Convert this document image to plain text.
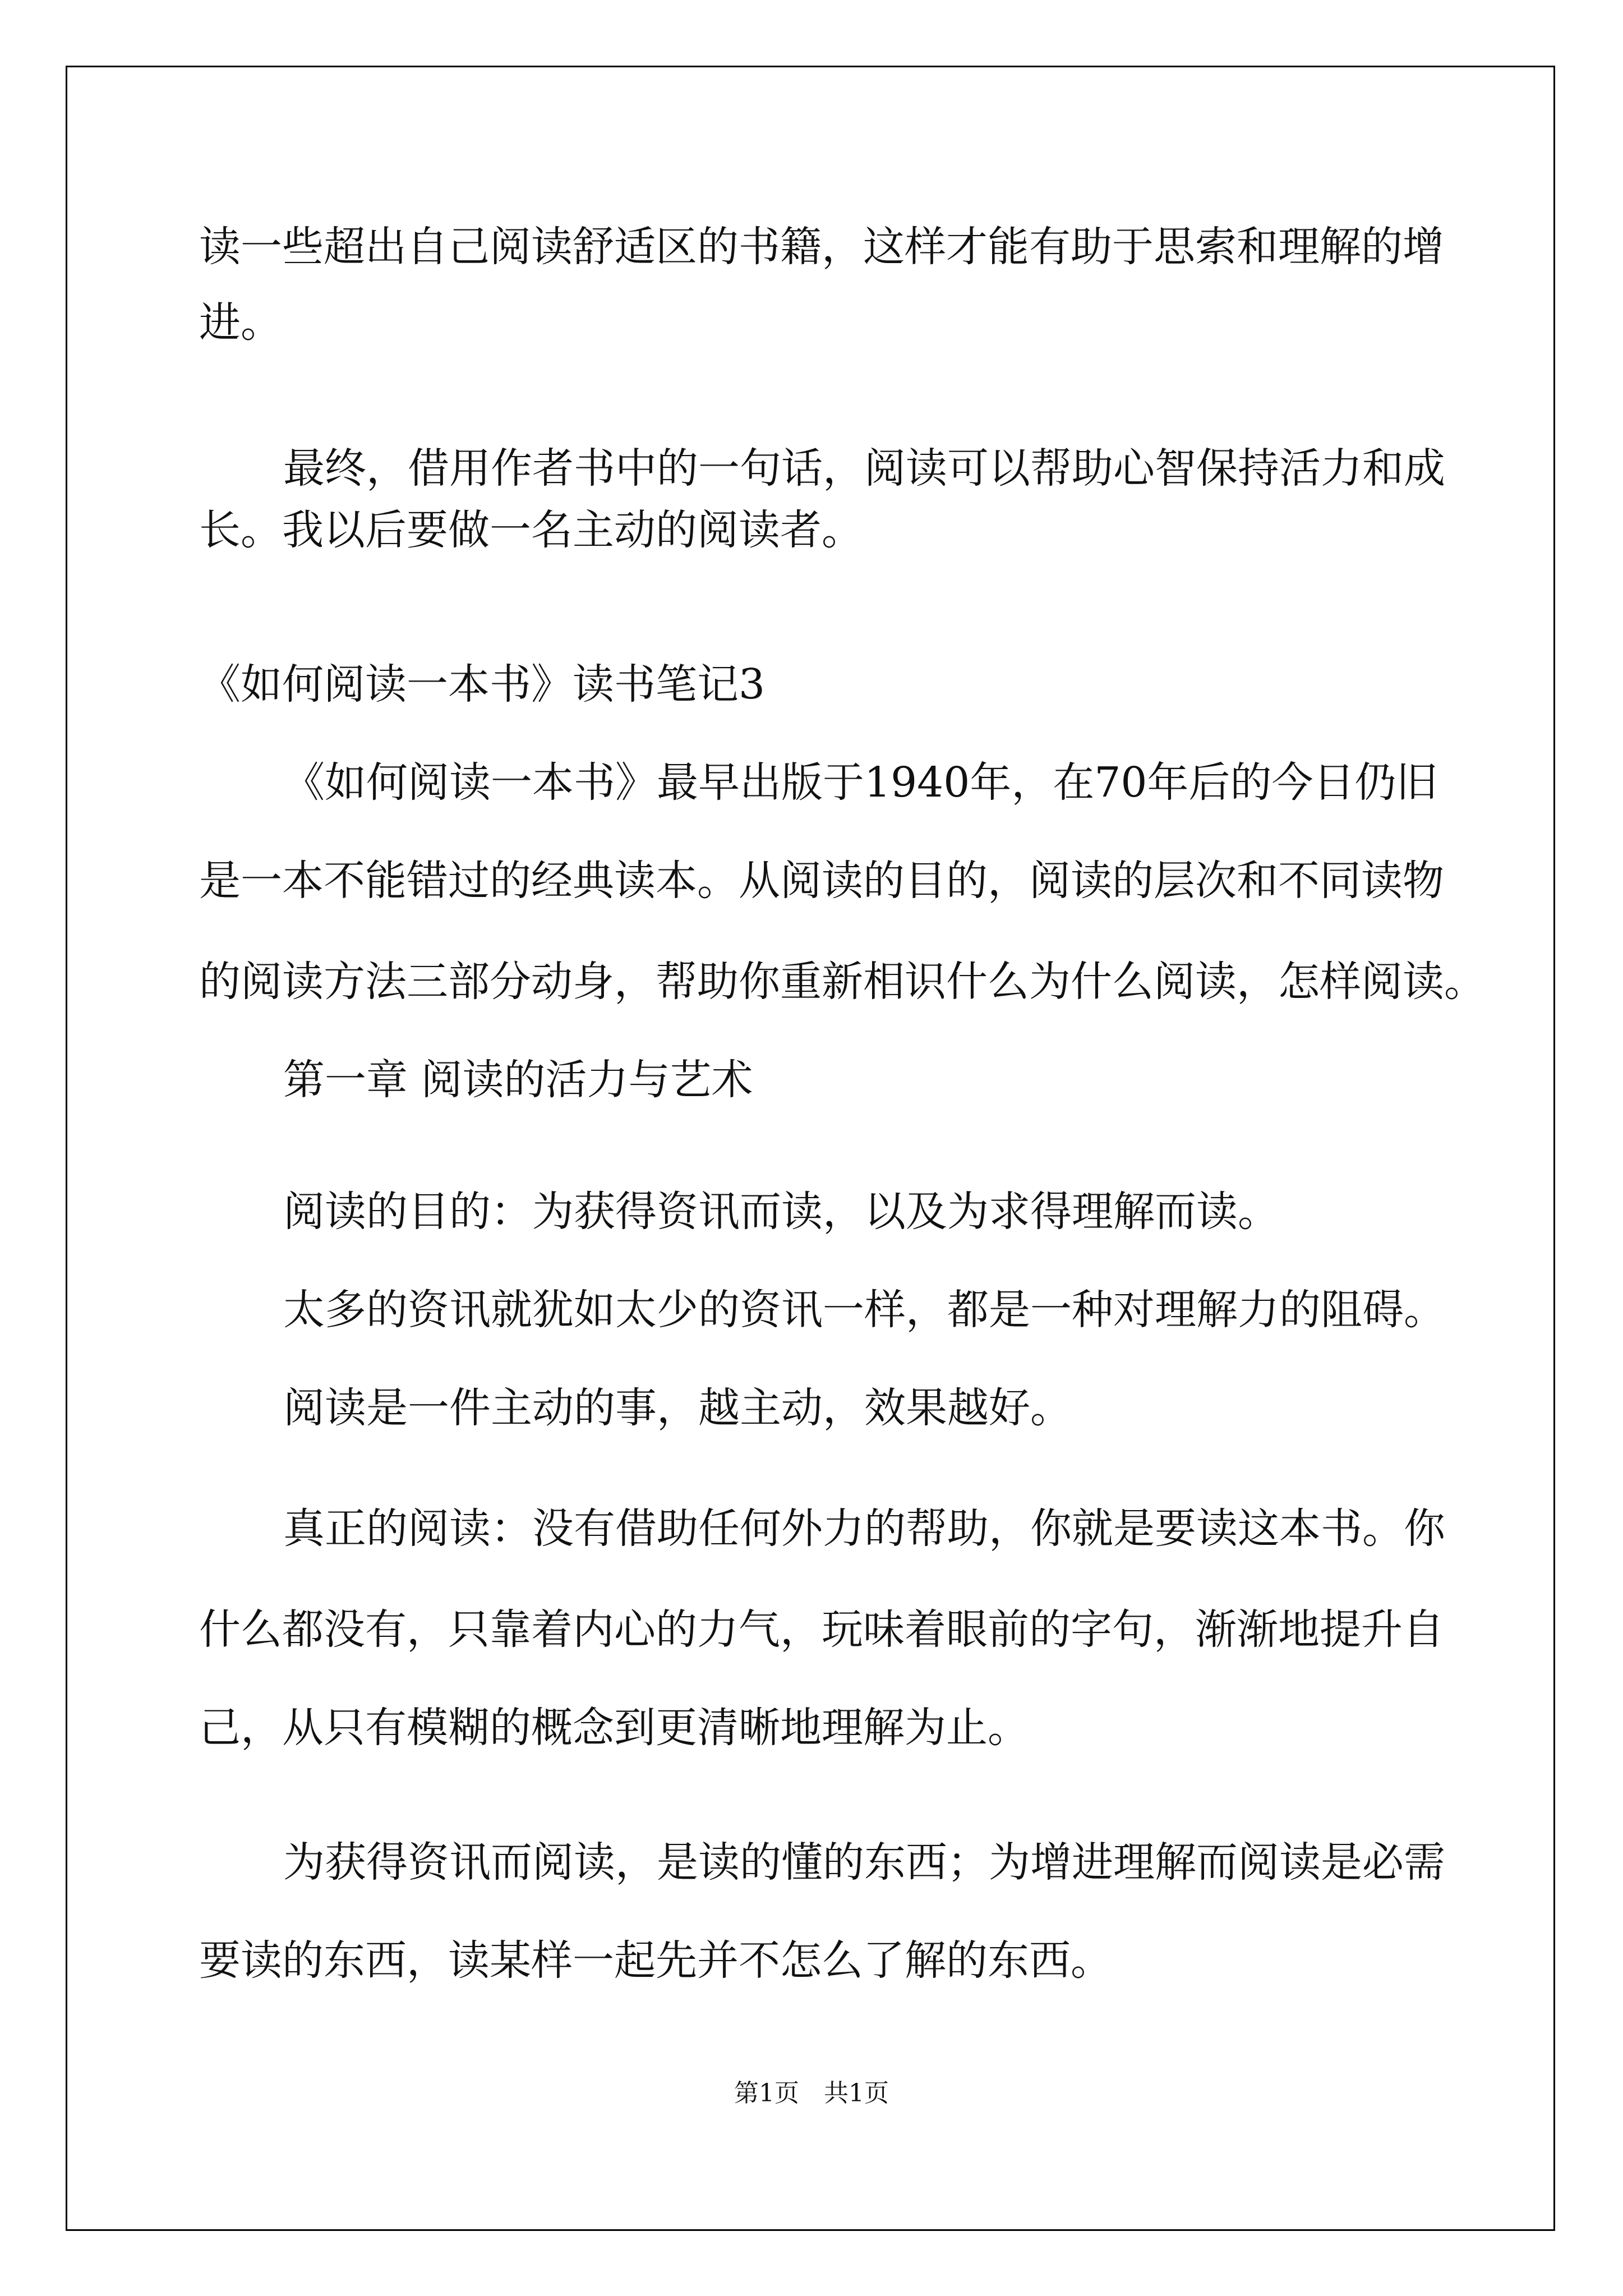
读一些超出自己阅读舒适区的书籍，这样才能有助于思索和理解的增
进。
最终，借用作者书中的一句话，阅读可以帮助心智保持活力和成
长。我以后要做一名主动的阅读者。
《如何阅读一本书》读书笔记3
《如何阅读一本书》最早出版于1940年，在70年后的今日仍旧
是一本不能错过的经典读本。从阅读的目的，阅读的层次和不同读物
的阅读方法三部分动身，帮助你重新相识什么为什么阅读，怎样阅读。
第一章 阅读的活力与艺术
阅读的目的：为获得资讯而读，以及为求得理解而读。
太多的资讯就犹如太少的资讯一样，都是一种对理解力的阻碍。
阅读是一件主动的事，越主动，效果越好。
真正的阅读：没有借助任何外力的帮助，你就是要读这本书。你
什么都没有，只靠着内心的力气，玩味着眼前的字句，渐渐地提升自
己，从只有模糊的概念到更清晰地理解为止。
为获得资讯而阅读，是读的懂的东西；为增进理解而阅读是必需
要读的东西，读某样一起先并不怎么了解的东西。
第1页　共1页
